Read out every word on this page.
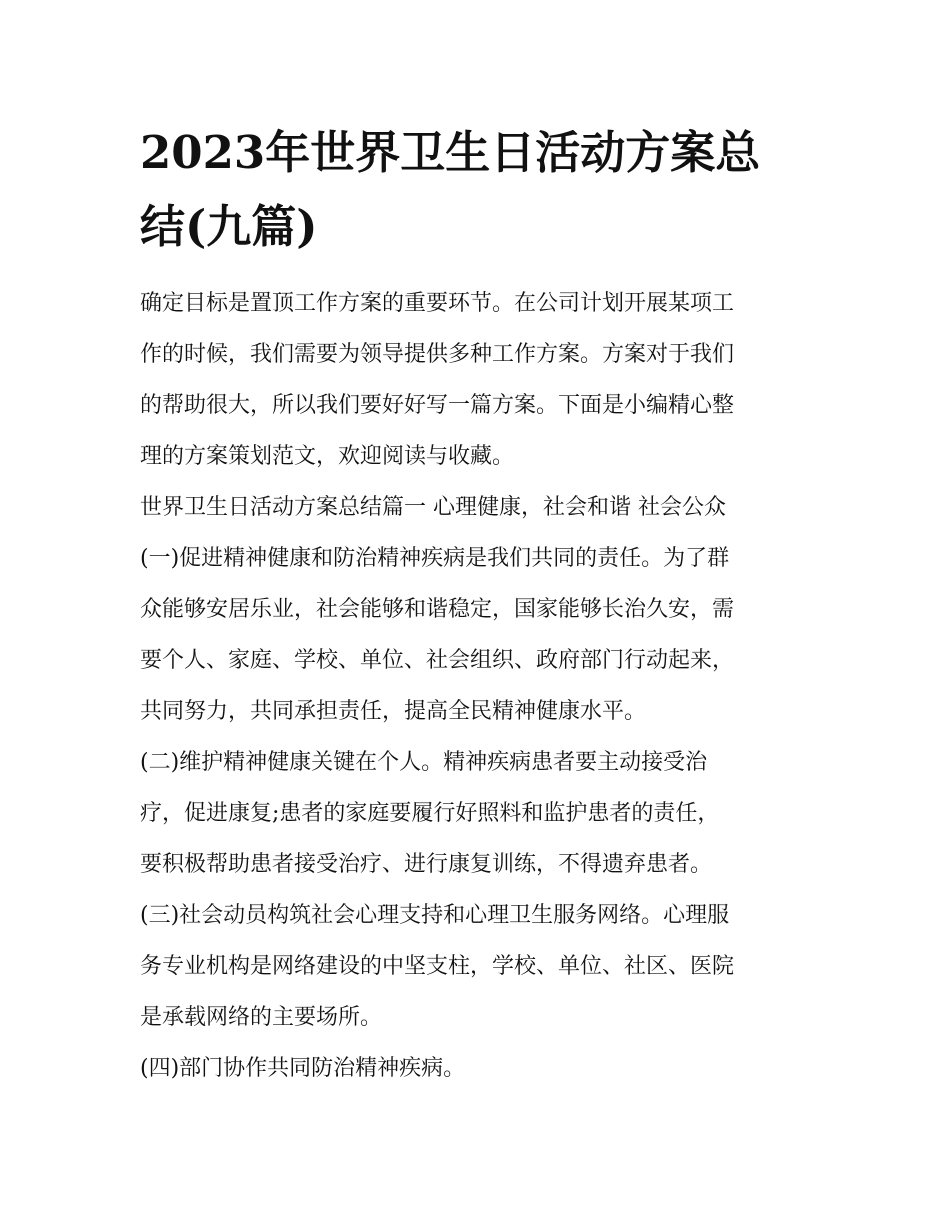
2023年世界卫生日活动方案总
结(九篇)
确定目标是置顶工作方案的重要环节。在公司计划开展某项工
作的时候，我们需要为领导提供多种工作方案。方案对于我们
的帮助很大，所以我们要好好写一篇方案。下面是小编精心整
理的方案策划范文，欢迎阅读与收藏。
世界卫生日活动方案总结篇一 心理健康，社会和谐 社会公众
(一)促进精神健康和防治精神疾病是我们共同的责任。为了群
众能够安居乐业，社会能够和谐稳定，国家能够长治久安，需
要个人、家庭、学校、单位、社会组织、政府部门行动起来，
共同努力，共同承担责任，提高全民精神健康水平。
(二)维护精神健康关键在个人。精神疾病患者要主动接受治
疗，促进康复;患者的家庭要履行好照料和监护患者的责任，
要积极帮助患者接受治疗、进行康复训练，不得遗弃患者。
(三)社会动员构筑社会心理支持和心理卫生服务网络。心理服
务专业机构是网络建设的中坚支柱，学校、单位、社区、医院
是承载网络的主要场所。
(四)部门协作共同防治精神疾病。
